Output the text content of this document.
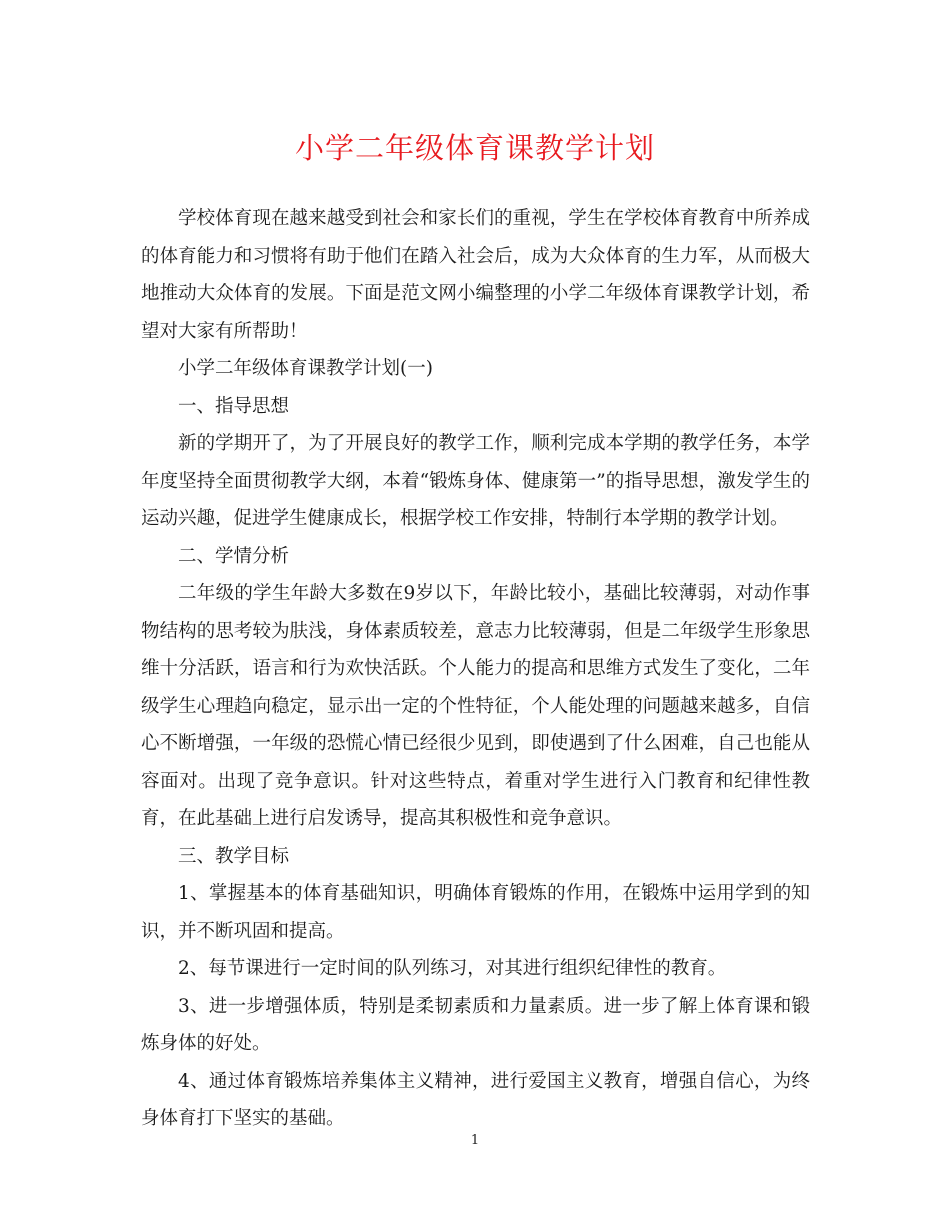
小学二年级体育课教学计划

学校体育现在越来越受到社会和家长们的重视，学生在学校体育教育中所养成的体育能力和习惯将有助于他们在踏入社会后，成为大众体育的生力军，从而极大地推动大众体育的发展。下面是范文网小编整理的小学二年级体育课教学计划，希望对大家有所帮助！

小学二年级体育课教学计划(一)

一、指导思想

新的学期开了，为了开展良好的教学工作，顺利完成本学期的教学任务，本学年度坚持全面贯彻教学大纲，本着“锻炼身体、健康第一”的指导思想，激发学生的运动兴趣，促进学生健康成长，根据学校工作安排，特制行本学期的教学计划。

二、学情分析

二年级的学生年龄大多数在9岁以下，年龄比较小，基础比较薄弱，对动作事物结构的思考较为肤浅，身体素质较差，意志力比较薄弱，但是二年级学生形象思维十分活跃，语言和行为欢快活跃。个人能力的提高和思维方式发生了变化，二年级学生心理趋向稳定，显示出一定的个性特征，个人能处理的问题越来越多，自信心不断增强，一年级的恐慌心情已经很少见到，即使遇到了什么困难，自己也能从容面对。出现了竞争意识。针对这些特点，着重对学生进行入门教育和纪律性教育，在此基础上进行启发诱导，提高其积极性和竞争意识。

三、教学目标

1、掌握基本的体育基础知识，明确体育锻炼的作用，在锻炼中运用学到的知识，并不断巩固和提高。

2、每节课进行一定时间的队列练习，对其进行组织纪律性的教育。

3、进一步增强体质，特别是柔韧素质和力量素质。进一步了解上体育课和锻炼身体的好处。

4、通过体育锻炼培养集体主义精神，进行爱国主义教育，增强自信心，为终身体育打下坚实的基础。

1
